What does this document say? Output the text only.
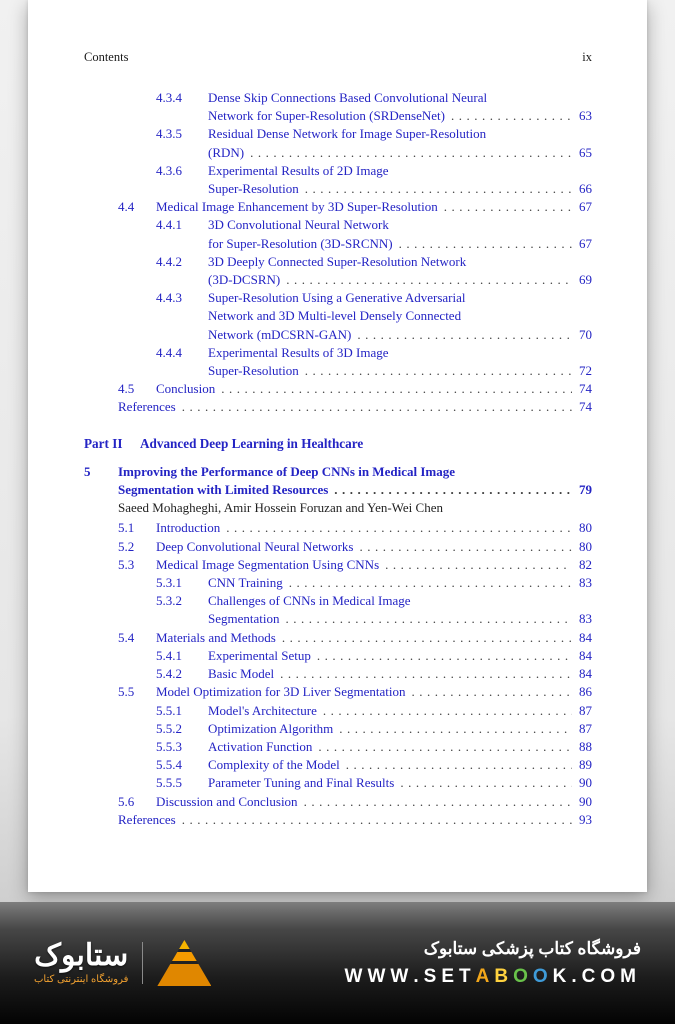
Contents	ix
4.3.4	Dense Skip Connections Based Convolutional Neural
Network for Super-Resolution (SRDenseNet) .....	63
4.3.5	Residual Dense Network for Image Super-Resolution
(RDN) .....	65
4.3.6	Experimental Results of 2D Image
Super-Resolution .....	66
4.4	Medical Image Enhancement by 3D Super-Resolution .....	67
4.4.1	3D Convolutional Neural Network
for Super-Resolution (3D-SRCNN) .....	67
4.4.2	3D Deeply Connected Super-Resolution Network
(3D-DCSRN) .....	69
4.4.3	Super-Resolution Using a Generative Adversarial
Network and 3D Multi-level Densely Connected
Network (mDCSRN-GAN) .....	70
4.4.4	Experimental Results of 3D Image
Super-Resolution .....	72
4.5	Conclusion .....	74
References .....	74
Part II	Advanced Deep Learning in Healthcare
5	Improving the Performance of Deep CNNs in Medical Image
Segmentation with Limited Resources .....	79
Saeed Mohagheghi, Amir Hossein Foruzan and Yen-Wei Chen
5.1	Introduction .....	80
5.2	Deep Convolutional Neural Networks .....	80
5.3	Medical Image Segmentation Using CNNs .....	82
5.3.1	CNN Training .....	83
5.3.2	Challenges of CNNs in Medical Image
Segmentation .....	83
5.4	Materials and Methods .....	84
5.4.1	Experimental Setup .....	84
5.4.2	Basic Model .....	84
5.5	Model Optimization for 3D Liver Segmentation .....	86
5.5.1	Model's Architecture .....	87
5.5.2	Optimization Algorithm .....	87
5.5.3	Activation Function .....	88
5.5.4	Complexity of the Model .....	89
5.5.5	Parameter Tuning and Final Results .....	90
5.6	Discussion and Conclusion .....	90
References .....	93
ستابوک
فروشگاه اینترنتی کتاب
فروشگاه کتاب پزشکی ستابوک
WWW.SETABOOK.COM
